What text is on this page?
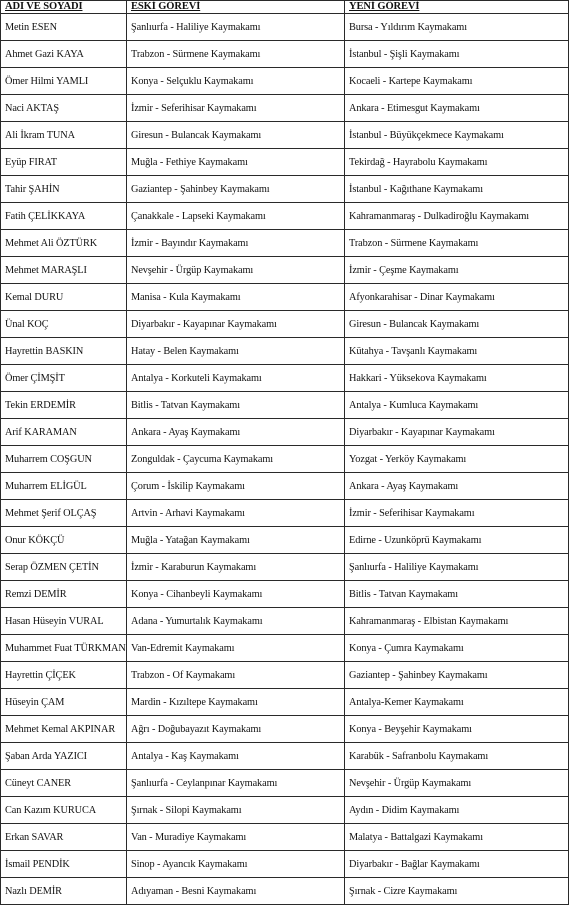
ADI VE SOYADI	ESKİ GÖREVİ	YENİ GÖREVİ
Metin ESEN	Şanlıurfa - Haliliye Kaymakamı	Bursa - Yıldırım Kaymakamı
Ahmet Gazi KAYA	Trabzon - Sürmene Kaymakamı	İstanbul - Şişli Kaymakamı
Ömer Hilmi YAMLI	Konya - Selçuklu Kaymakamı	Kocaeli - Kartepe Kaymakamı
Naci AKTAŞ	İzmir - Seferihisar Kaymakamı	Ankara - Etimesgut Kaymakamı
Ali İkram TUNA	Giresun - Bulancak Kaymakamı	İstanbul - Büyükçekmece Kaymakamı
Eyüp FIRAT	Muğla - Fethiye Kaymakamı	Tekirdağ - Hayrabolu Kaymakamı
Tahir ŞAHİN	Gaziantep - Şahinbey Kaymakamı	İstanbul - Kağıthane Kaymakamı
Fatih ÇELİKKAYA	Çanakkale - Lapseki Kaymakamı	Kahramanmaraş - Dulkadiroğlu Kaymakamı
Mehmet Ali ÖZTÜRK	İzmir - Bayındır Kaymakamı	Trabzon - Sürmene Kaymakamı
Mehmet MARAŞLI	Nevşehir - Ürgüp Kaymakamı	İzmir - Çeşme Kaymakamı
Kemal DURU	Manisa - Kula Kaymakamı	Afyonkarahisar - Dinar Kaymakamı
Ünal KOÇ	Diyarbakır - Kayapınar Kaymakamı	Giresun - Bulancak Kaymakamı
Hayrettin BASKIN	Hatay - Belen Kaymakamı	Kütahya - Tavşanlı Kaymakamı
Ömer ÇİMŞİT	Antalya - Korkuteli Kaymakamı	Hakkari - Yüksekova Kaymakamı
Tekin ERDEMİR	Bitlis - Tatvan Kaymakamı	Antalya - Kumluca Kaymakamı
Arif KARAMAN	Ankara - Ayaş Kaymakamı	Diyarbakır - Kayapınar Kaymakamı
Muharrem COŞGUN	Zonguldak - Çaycuma Kaymakamı	Yozgat - Yerköy Kaymakamı
Muharrem ELİGÜL	Çorum - İskilip Kaymakamı	Ankara - Ayaş Kaymakamı
Mehmet Şerif OLÇAŞ	Artvin - Arhavi Kaymakamı	İzmir - Seferihisar Kaymakamı
Onur KÖKÇÜ	Muğla - Yatağan Kaymakamı	Edirne - Uzunköprü Kaymakamı
Serap ÖZMEN ÇETİN	İzmir - Karaburun Kaymakamı	Şanlıurfa - Haliliye Kaymakamı
Remzi DEMİR	Konya - Cihanbeyli Kaymakamı	Bitlis - Tatvan Kaymakamı
Hasan Hüseyin VURAL	Adana - Yumurtalık Kaymakamı	Kahramanmaraş - Elbistan Kaymakamı
Muhammet Fuat TÜRKMAN	Van-Edremit Kaymakamı	Konya - Çumra Kaymakamı
Hayrettin ÇİÇEK	Trabzon - Of Kaymakamı	Gaziantep - Şahinbey Kaymakamı
Hüseyin ÇAM	Mardin - Kızıltepe Kaymakamı	Antalya-Kemer Kaymakamı
Mehmet Kemal AKPINAR	Ağrı - Doğubayazıt Kaymakamı	Konya - Beyşehir Kaymakamı
Şaban Arda YAZICI	Antalya - Kaş Kaymakamı	Karabük - Safranbolu Kaymakamı
Cüneyt CANER	Şanlıurfa - Ceylanpınar Kaymakamı	Nevşehir - Ürgüp Kaymakamı
Can Kazım KURUCA	Şırnak - Silopi Kaymakamı	Aydın - Didim Kaymakamı
Erkan SAVAR	Van - Muradiye Kaymakamı	Malatya - Battalgazi Kaymakamı
İsmail PENDİK	Sinop - Ayancık Kaymakamı	Diyarbakır - Bağlar Kaymakamı
Nazlı DEMİR	Adıyaman - Besni Kaymakamı	Şırnak - Cizre Kaymakamı
